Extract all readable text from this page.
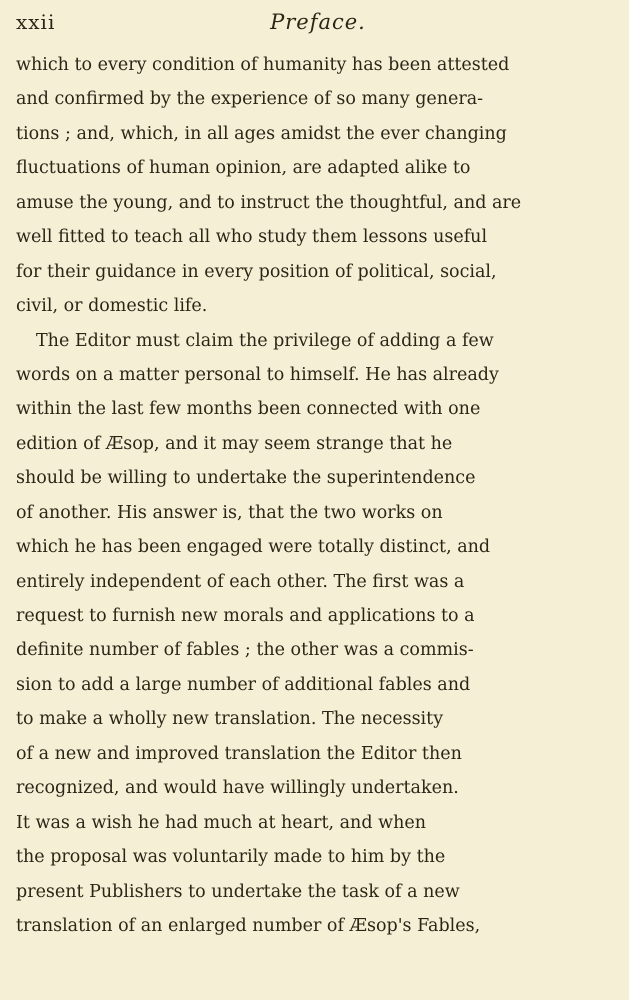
xxii	Preface.
which to every condition of humanity has been attested
and confirmed by the experience of so many genera-
tions ; and, which, in all ages amidst the ever changing
fluctuations of human opinion, are adapted alike to
amuse the young, and to instruct the thoughtful, and are
well fitted to teach all who study them lessons useful
for their guidance in every position of political, social,
civil, or domestic life.
The Editor must claim the privilege of adding a few
words on a matter personal to himself. He has already
within the last few months been connected with one
edition of Æsop, and it may seem strange that he
should be willing to undertake the superintendence
of another. His answer is, that the two works on
which he has been engaged were totally distinct, and
entirely independent of each other. The first was a
request to furnish new morals and applications to a
definite number of fables ; the other was a commis-
sion to add a large number of additional fables and
to make a wholly new translation. The necessity
of a new and improved translation the Editor then
recognized, and would have willingly undertaken.
It was a wish he had much at heart, and when
the proposal was voluntarily made to him by the
present Publishers to undertake the task of a new
translation of an enlarged number of Æsop's Fables,
